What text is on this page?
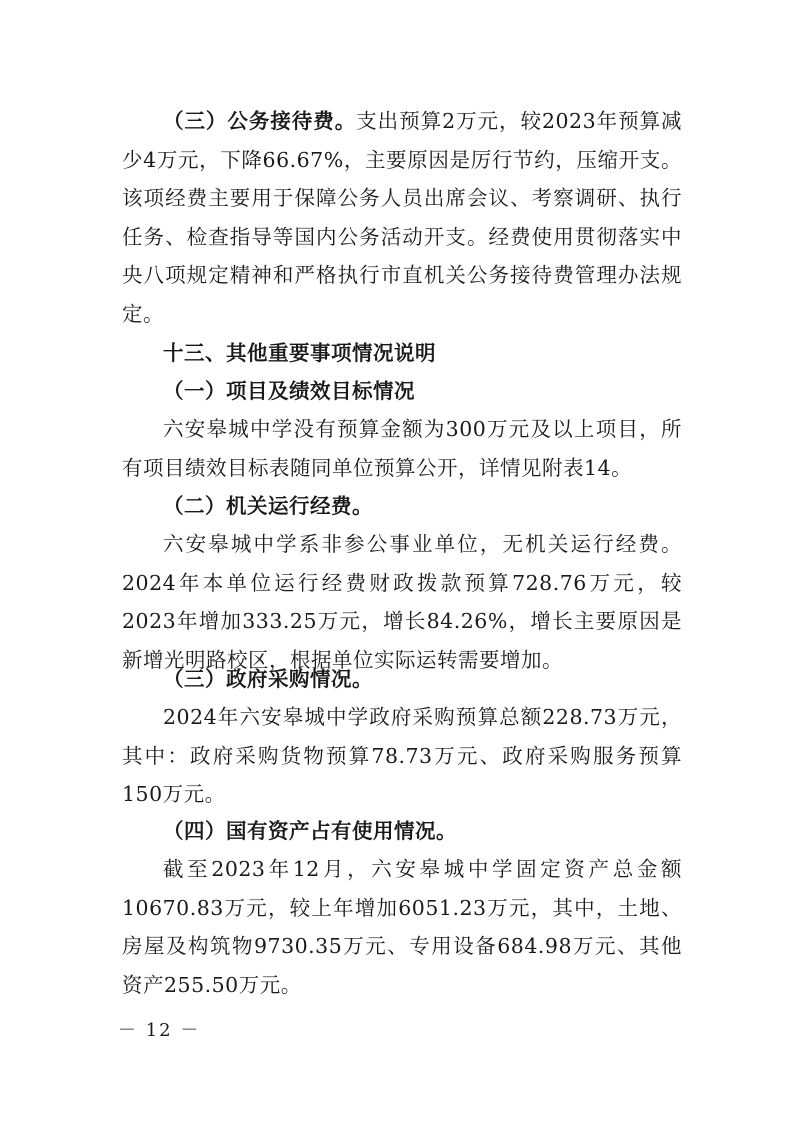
（三）公务接待费。支出预算2万元，较2023年预算减少4万元，下降66.67%，主要原因是厉行节约，压缩开支。该项经费主要用于保障公务人员出席会议、考察调研、执行任务、检查指导等国内公务活动开支。经费使用贯彻落实中央八项规定精神和严格执行市直机关公务接待费管理办法规定。

十三、其他重要事项情况说明

（一）项目及绩效目标情况

六安皋城中学没有预算金额为300万元及以上项目，所有项目绩效目标表随同单位预算公开，详情见附表14。

（二）机关运行经费。

六安皋城中学系非参公事业单位，无机关运行经费。2024年本单位运行经费财政拨款预算728.76万元，较2023年增加333.25万元，增长84.26%，增长主要原因是新增光明路校区，根据单位实际运转需要增加。

（三）政府采购情况。

2024年六安皋城中学政府采购预算总额228.73万元，其中：政府采购货物预算78.73万元、政府采购服务预算150万元。

（四）国有资产占有使用情况。

截至2023年12月，六安皋城中学固定资产总金额10670.83万元，较上年增加6051.23万元，其中，土地、房屋及构筑物9730.35万元、专用设备684.98万元、其他资产255.50万元。

－ 12 －
